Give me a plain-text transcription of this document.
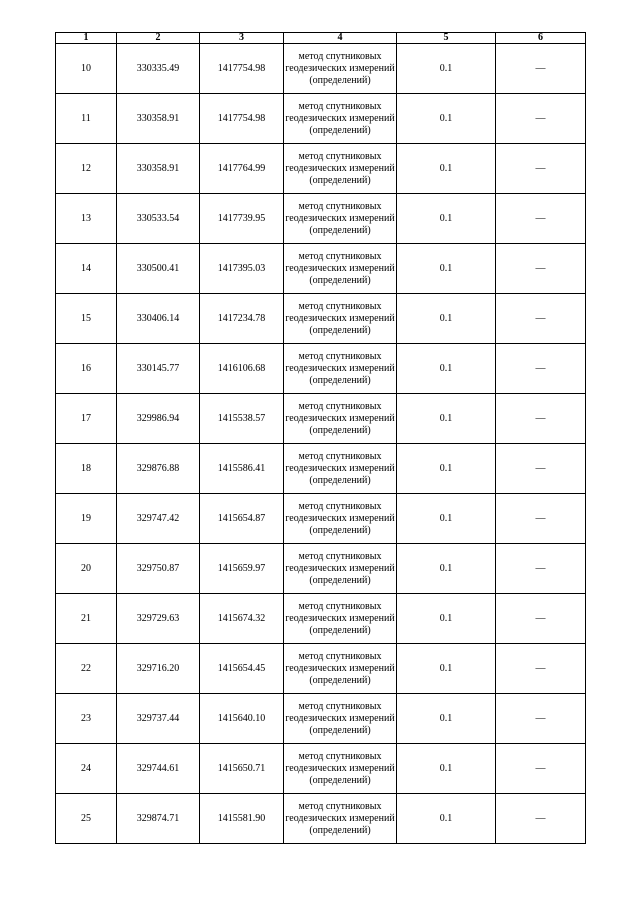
1	2	3	4	5	6
10	330335.49	1417754.98	метод спутниковых геодезических измерений (определений)	0.1	—
11	330358.91	1417754.98	метод спутниковых геодезических измерений (определений)	0.1	—
12	330358.91	1417764.99	метод спутниковых геодезических измерений (определений)	0.1	—
13	330533.54	1417739.95	метод спутниковых геодезических измерений (определений)	0.1	—
14	330500.41	1417395.03	метод спутниковых геодезических измерений (определений)	0.1	—
15	330406.14	1417234.78	метод спутниковых геодезических измерений (определений)	0.1	—
16	330145.77	1416106.68	метод спутниковых геодезических измерений (определений)	0.1	—
17	329986.94	1415538.57	метод спутниковых геодезических измерений (определений)	0.1	—
18	329876.88	1415586.41	метод спутниковых геодезических измерений (определений)	0.1	—
19	329747.42	1415654.87	метод спутниковых геодезических измерений (определений)	0.1	—
20	329750.87	1415659.97	метод спутниковых геодезических измерений (определений)	0.1	—
21	329729.63	1415674.32	метод спутниковых геодезических измерений (определений)	0.1	—
22	329716.20	1415654.45	метод спутниковых геодезических измерений (определений)	0.1	—
23	329737.44	1415640.10	метод спутниковых геодезических измерений (определений)	0.1	—
24	329744.61	1415650.71	метод спутниковых геодезических измерений (определений)	0.1	—
25	329874.71	1415581.90	метод спутниковых геодезических измерений (определений)	0.1	—
